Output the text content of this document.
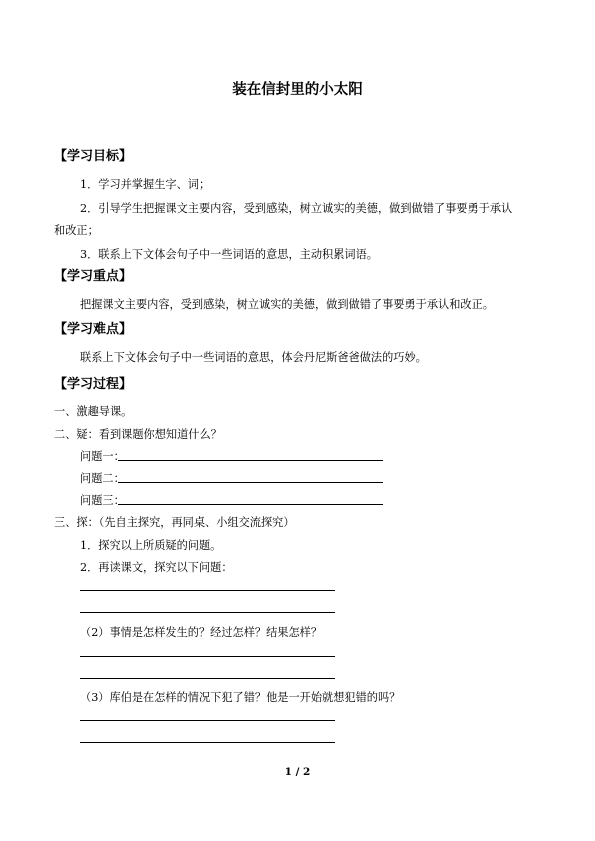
装在信封里的小太阳
【学习目标】
1．学习并掌握生字、词；
2．引导学生把握课文主要内容，受到感染，树立诚实的美德，做到做错了事要勇于承认
和改正；
3．联系上下文体会句子中一些词语的意思，主动积累词语。
【学习重点】
把握课文主要内容，受到感染，树立诚实的美德，做到做错了事要勇于承认和改正。
【学习难点】
联系上下文体会句子中一些词语的意思，体会丹尼斯爸爸做法的巧妙。
【学习过程】
一、激趣导课。
二、疑：看到课题你想知道什么？
问题一：
问题二：
问题三：
三、探：（先自主探究，再同桌、小组交流探究）
1．探究以上所质疑的问题。
2．再读课文，探究以下问题：
（2）事情是怎样发生的？经过怎样？结果怎样？
（3）库伯是在怎样的情况下犯了错？他是一开始就想犯错的吗？
1 / 2
